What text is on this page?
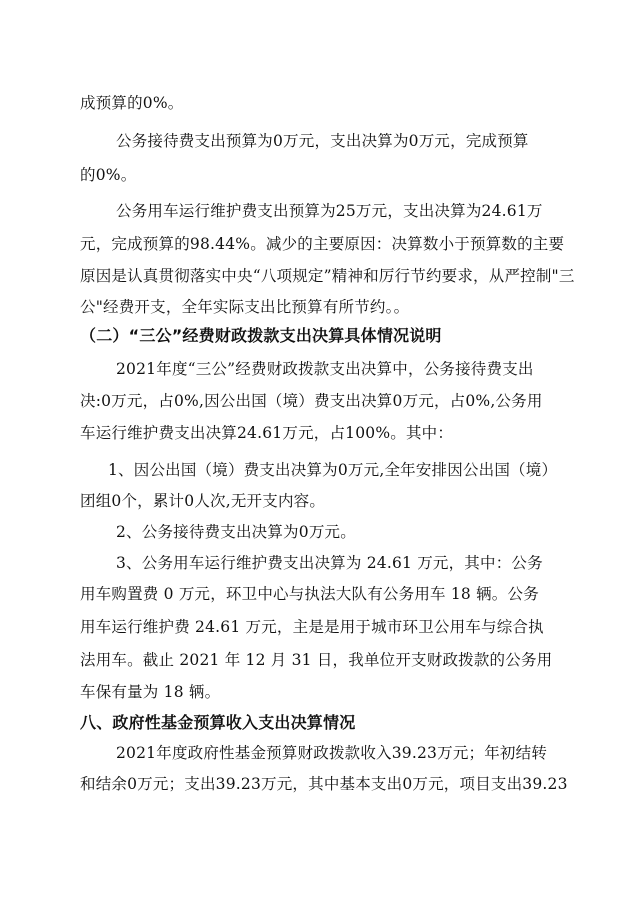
成预算的0%。
公务接待费支出预算为0万元，支出决算为0万元，完成预算
的0%。
公务用车运行维护费支出预算为25万元，支出决算为24.61万
元，完成预算的98.44%。减少的主要原因：决算数小于预算数的主要
原因是认真贯彻落实中央“八项规定”精神和厉行节约要求，从严控制"三
公"经费开支，全年实际支出比预算有所节约。。
（二）“三公”经费财政拨款支出决算具体情况说明
2021年度“三公”经费财政拨款支出决算中，公务接待费支出
决:0万元，占0%,因公出国（境）费支出决算0万元，占0%,公务用
车运行维护费支出决算24.61万元，占100%。其中：
1、因公出国（境）费支出决算为0万元,全年安排因公出国（境）
团组0个，累计0人次,无开支内容。
2、公务接待费支出决算为0万元。
3、公务用车运行维护费支出决算为 24.61 万元，其中：公务
用车购置费 0 万元，环卫中心与执法大队有公务用车 18 辆。公务
用车运行维护费 24.61 万元，主是是用于城市环卫公用车与综合执
法用车。截止 2021 年 12 月 31 日，我单位开支财政拨款的公务用
车保有量为 18 辆。
八、政府性基金预算收入支出决算情况
2021年度政府性基金预算财政拨款收入39.23万元；年初结转
和结余0万元；支出39.23万元，其中基本支出0万元，项目支出39.23
